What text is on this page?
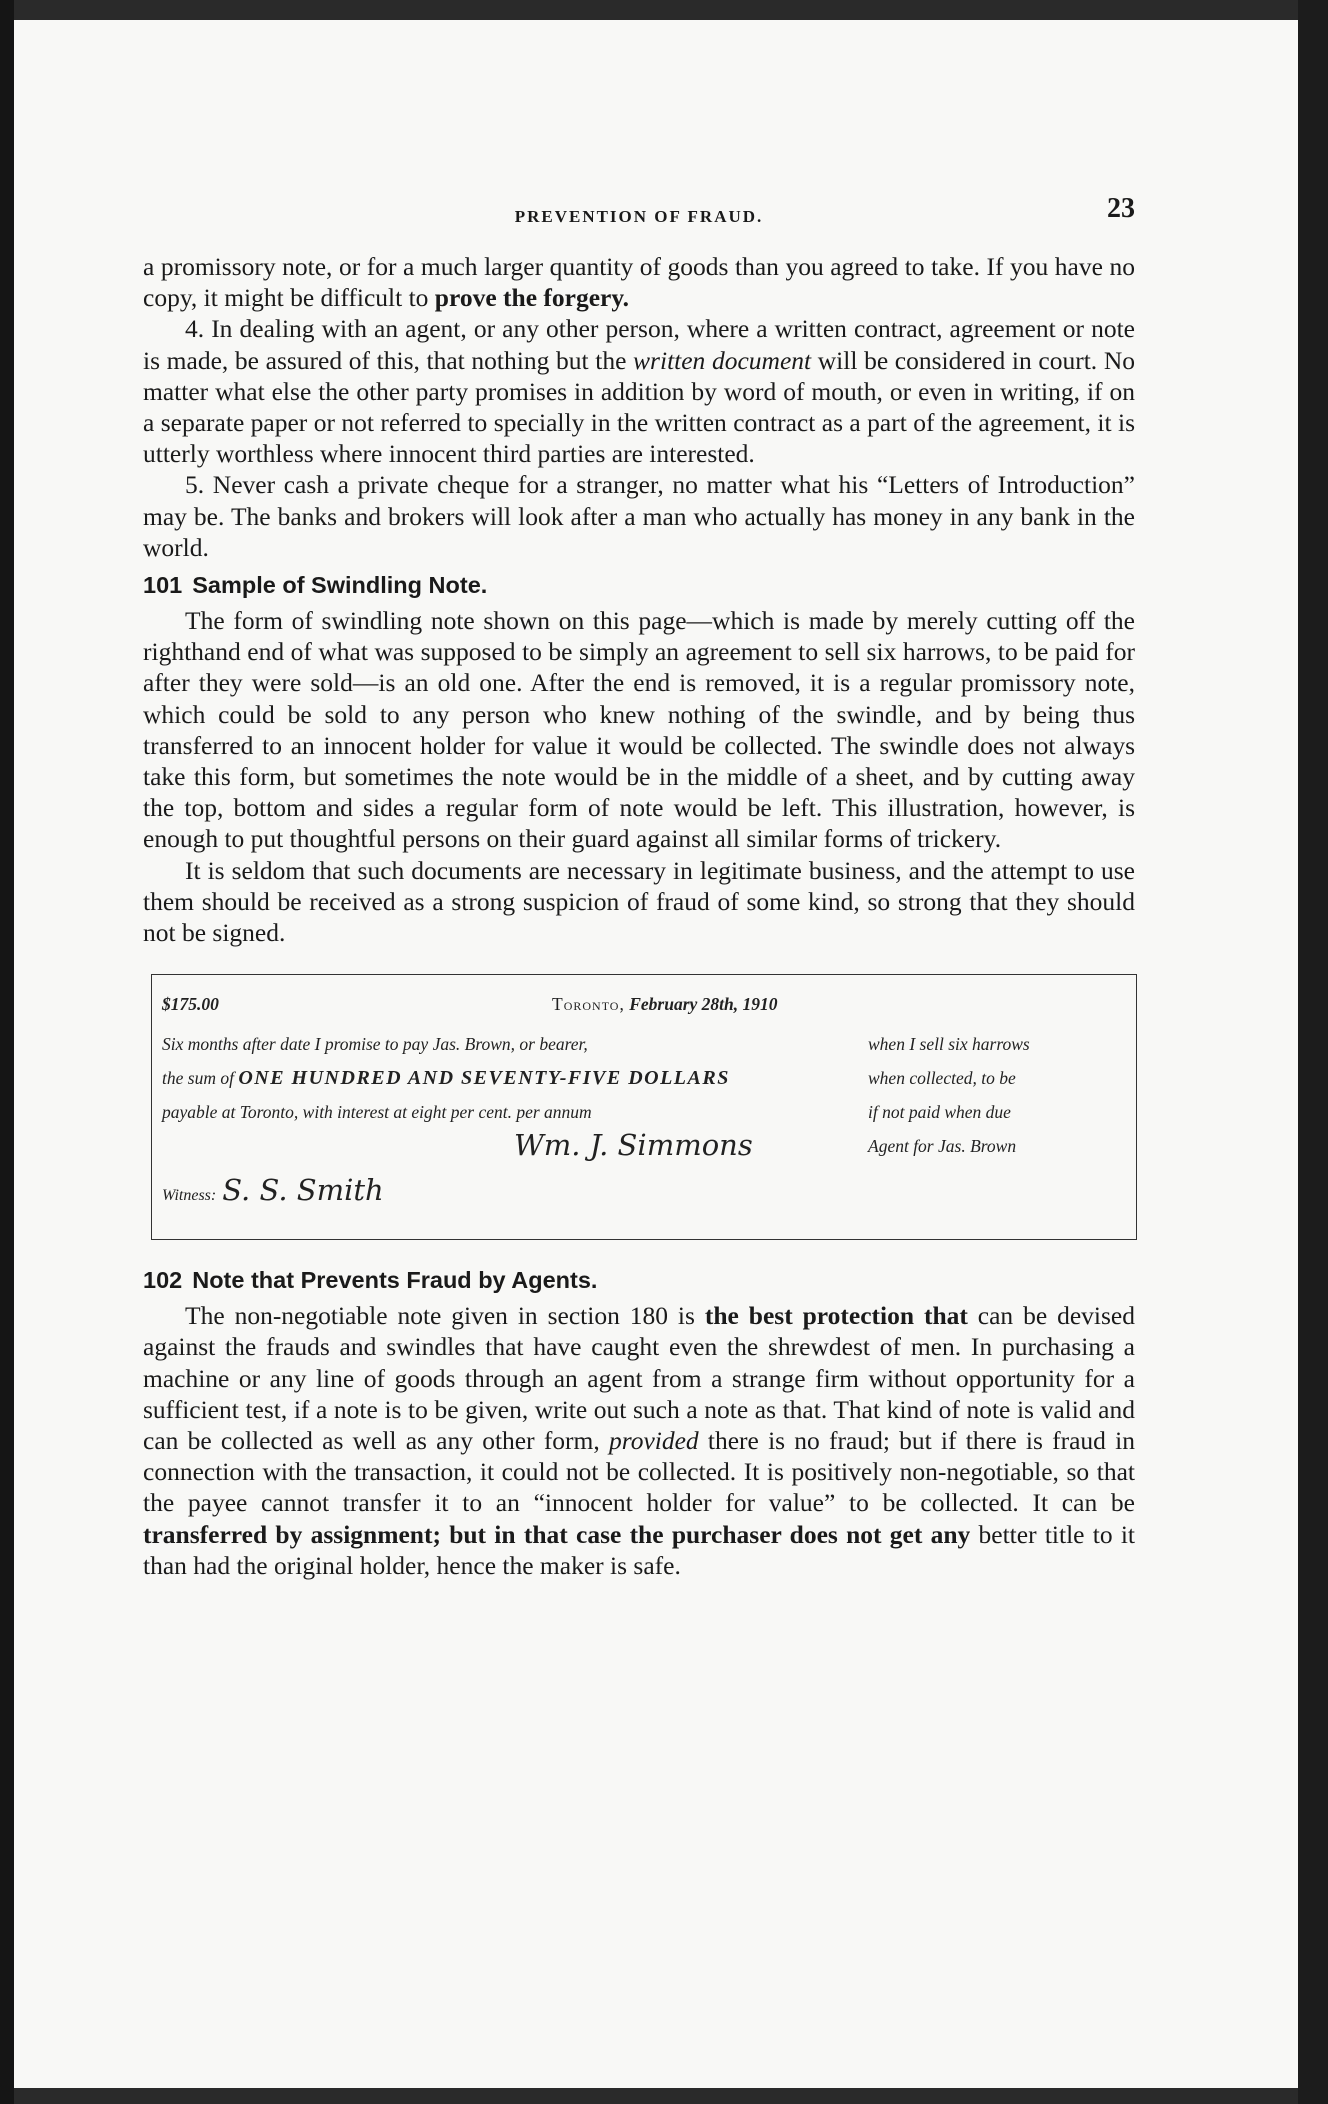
PREVENTION OF FRAUD.	23

a promissory note, or for a much larger quantity of goods than you agreed to take. If you have no copy, it might be difficult to prove the forgery.

4. In dealing with an agent, or any other person, where a written contract, agreement or note is made, be assured of this, that nothing but the written document will be considered in court. No matter what else the other party promises in addition by word of mouth, or even in writing, if on a separate paper or not referred to specially in the written contract as a part of the agreement, it is utterly worthless where innocent third parties are interested.

5. Never cash a private cheque for a stranger, no matter what his “Letters of Introduction” may be. The banks and brokers will look after a man who actually has money in any bank in the world.

101 Sample of Swindling Note.

The form of swindling note shown on this page—which is made by merely cutting off the righthand end of what was supposed to be simply an agreement to sell six harrows, to be paid for after they were sold—is an old one. After the end is removed, it is a regular promissory note, which could be sold to any person who knew nothing of the swindle, and by being thus transferred to an innocent holder for value it would be collected. The swindle does not always take this form, but sometimes the note would be in the middle of a sheet, and by cutting away the top, bottom and sides a regular form of note would be left. This illustration, however, is enough to put thoughtful persons on their guard against all similar forms of trickery.

It is seldom that such documents are necessary in legitimate business, and the attempt to use them should be received as a strong suspicion of fraud of some kind, so strong that they should not be signed.

$175.00	Toronto, February 28th, 1910
Six months after date I promise to pay Jas. Brown, or bearer,
the sum of ONE HUNDRED AND SEVENTY-FIVE DOLLARS
payable at Toronto, with interest at eight per cent. per annum
when I sell six harrows
when collected, to be
if not paid when due
Agent for Jas. Brown
Wm. J. Simmons
Witness: S. S. Smith
102 Note that Prevents Fraud by Agents.

The non-negotiable note given in section 180 is the best protection that can be devised against the frauds and swindles that have caught even the shrewdest of men. In purchasing a machine or any line of goods through an agent from a strange firm without opportunity for a sufficient test, if a note is to be given, write out such a note as that. That kind of note is valid and can be collected as well as any other form, provided there is no fraud; but if there is fraud in connection with the transaction, it could not be collected. It is positively non-negotiable, so that the payee cannot transfer it to an “innocent holder for value” to be collected. It can be transferred by assignment; but in that case the purchaser does not get any better title to it than had the original holder, hence the maker is safe.
